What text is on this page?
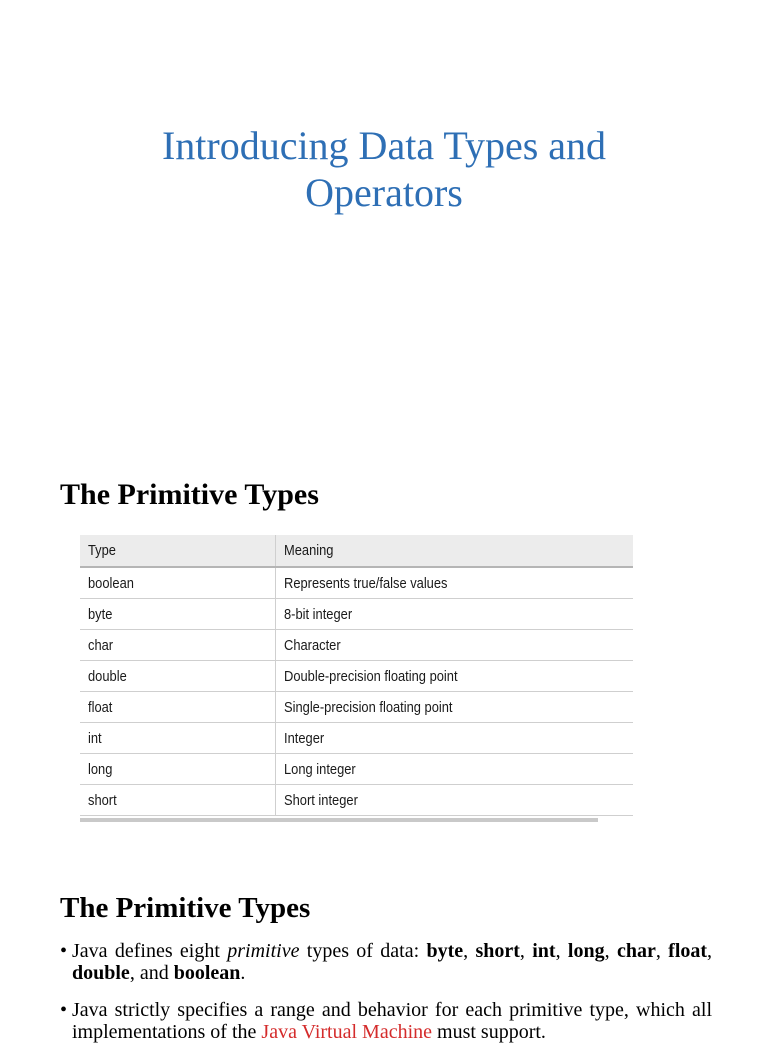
Introducing Data Types and
Operators
The Primitive Types
Type	Meaning
boolean	Represents true/false values
byte	8-bit integer
char	Character
double	Double-precision floating point
float	Single-precision floating point
int	Integer
long	Long integer
short	Short integer
The Primitive Types
• Java defines eight primitive types of data: byte, short, int, long, char, float, double, and boolean.
• Java strictly specifies a range and behavior for each primitive type, which all implementations of the Java Virtual Machine must support.
